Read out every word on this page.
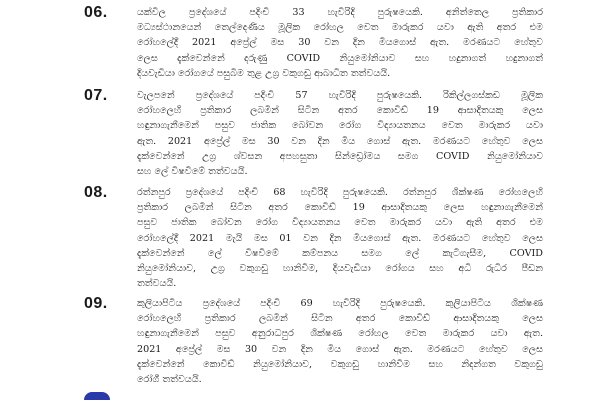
06.	යක්විල ප්‍රදේශයේ පදිංචි 33 හැවිරිදි පුරුෂයෙකි. අනිත්තෙල ප්‍රතිකාර
මධ්‍යස්ථානයෙන් තෙල්දෙණිය මූලික රෝහල වෙත මාරුකර යවා ඇති අතර එම
රෝහලේදී 2021 අප්‍රේල් මස 30 වන දින මියගොස් ඇත. මරණයට හේතුව
ලෙස දැක්වෙන්නේ දරුණු COVID නියුමෝනියාව සහ හදුනාගත් හදුනාගත්
දියවැඩියා රෝගයේ පසුබිම තුළ උග්‍ර වකුගඩු ආබාධිත තත්වයයි.
07.	වැලපනේ ප්‍රදේශයේ පදිංචි 57 හැවිරිදි පුරුෂයෙකි. රිකිල්ලගස්කඩ මූලික
රෝහලෙහි ප්‍රතිකාර ලබමින් සිටින අතර කොවිඩ් 19 ආසාදිතයකු ලෙස
හඳුනාගැනීමෙන් පසුව ජාතික බෝවන රෝග විද්‍යායතනය වෙත මාරුකර යවා
ඇත. 2021 අප්‍රේල් මස 30 වන දින මිය ගොස් ඇත. මරණයට හේතුව ලෙස
දැක්වෙන්නේ උග්‍ර ශ්වසන අපහසුතා සින්ඩ්‍රෝමය සමග COVID නියුමෝනියාව
සහ ලේ විෂවීමේ තත්වයයි.
08.	රත්නපුර ප්‍රදේශයේ පදිංචි 68 හැවිරිදි පුරුෂයෙකි. රත්නපුර ශික්ෂණ රෝහලෙහි
ප්‍රතිකාර ලබමින් සිටින අතර කොවිඩ් 19 ආසාදිතයකු ලෙස හඳුනාගැනීමෙන්
පසුව ජාතික බෝවන රෝග විද්‍යායතනය වෙත මාරුකර යවා ඇති අතර එම
රෝහලේදී 2021 මැයි මස 01 වන දින මියගොස් ඇත. මරණයට හේතුව ලෙස
දැක්වෙන්නේ ලේ විෂවීමේ කම්පනය සමග ලේ කැටිගැසීම, COVID
නියුමෝනියාව, උග්‍ර වකුගඩු හානිවීම, දියවැඩියා රෝගය සහ අධි රුධිර පීඩන
තත්වයයි.
09.	කුලියාපිටිය ප්‍රදේශයේ පදිංචි 69 හැවිරිදි පුරුෂයෙකි. කුලියාපිටිය ශික්ෂණ
රෝහලෙහි ප්‍රතිකාර ලබමින් සිටින අතර කොවිඩ් ආසාදිතයකු ලෙස
හඳුනාගැනීමෙන් පසුව අනුරාධපුර ශික්ෂණ රෝහල වෙත මාරුකර යවා ඇත.
2021 අප්‍රේල් මස 30 වන දින මිය ගොස් ඇත. මරණයට හේතුව ලෙස
දැක්වෙන්නේ කොවිඩ් නියුමෝනියාව, වකුගඩු හානිවීම සහ නිදන්ගත වකුගඩු
රෝගී තත්වයයි.
